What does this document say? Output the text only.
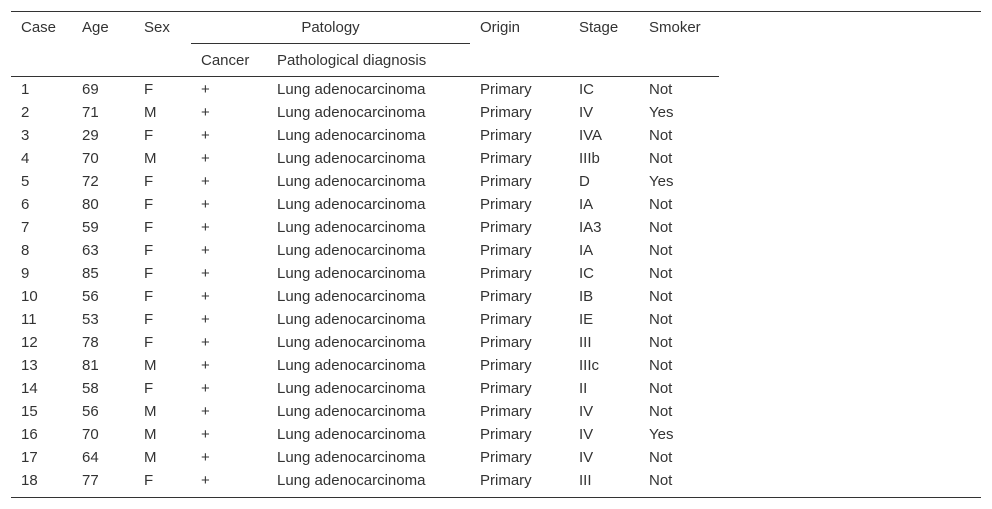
Case	Age	Sex	Patology		Origin	Stage	Smoker
			Cancer	Pathological diagnosis			
1	69	F	+	Lung adenocarcinoma	Primary	IC	Not
2	71	M	+	Lung adenocarcinoma	Primary	IV	Yes
3	29	F	+	Lung adenocarcinoma	Primary	IVA	Not
4	70	M	+	Lung adenocarcinoma	Primary	IIIb	Not
5	72	F	+	Lung adenocarcinoma	Primary	D	Yes
6	80	F	+	Lung adenocarcinoma	Primary	IA	Not
7	59	F	+	Lung adenocarcinoma	Primary	IA3	Not
8	63	F	+	Lung adenocarcinoma	Primary	IA	Not
9	85	F	+	Lung adenocarcinoma	Primary	IC	Not
10	56	F	+	Lung adenocarcinoma	Primary	IB	Not
11	53	F	+	Lung adenocarcinoma	Primary	IE	Not
12	78	F	+	Lung adenocarcinoma	Primary	III	Not
13	81	M	+	Lung adenocarcinoma	Primary	IIIc	Not
14	58	F	+	Lung adenocarcinoma	Primary	II	Not
15	56	M	+	Lung adenocarcinoma	Primary	IV	Not
16	70	M	+	Lung adenocarcinoma	Primary	IV	Yes
17	64	M	+	Lung adenocarcinoma	Primary	IV	Not
18	77	F	+	Lung adenocarcinoma	Primary	III	Not
